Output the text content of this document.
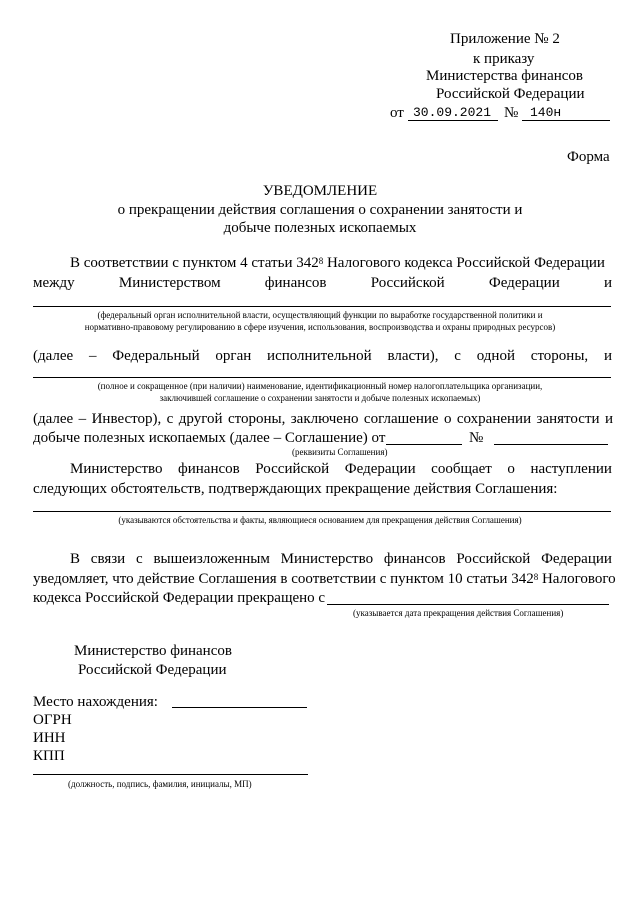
Приложение № 2
к приказу
Министерства финансов
Российской Федерации
от 30.09.2021 № 140н
Форма
УВЕДОМЛЕНИЕ
о прекращении действия соглашения о сохранении занятости и
добыче полезных ископаемых
В соответствии с пунктом 4 статьи $342^8$ Налогового кодекса Российской Федерации
между	Министерством	финансов	Российской	Федерации	и
(федеральный орган исполнительной власти, осуществляющий функции по выработке государственной политики и
нормативно-правовому регулированию в сфере изучения, использования, воспроизводства и охраны природных ресурсов)
(далее – Федеральный орган исполнительной власти), с одной стороны, и
(полное и сокращенное (при наличии) наименование, идентификационный номер налогоплательщика организации,
заключившей соглашение о сохранении занятости и добыче полезных ископаемых)
(далее – Инвестор), с другой стороны, заключено соглашение о сохранении занятости и
добыче полезных ископаемых (далее – Соглашение) от	№
(реквизиты Соглашения)
Министерство финансов Российской Федерации сообщает о наступлении
следующих обстоятельств, подтверждающих прекращение действия Соглашения:
(указываются обстоятельства и факты, являющиеся основанием для прекращения действия Соглашения)
В связи с вышеизложенным Министерство финансов Российской Федерации
уведомляет, что действие Соглашения в соответствии с пунктом 10 статьи $342^8$ Налогового
кодекса Российской Федерации прекращено с
(указывается дата прекращения действия Соглашения)
Министерство финансов
Российской Федерации
Место нахождения:
ОГРН
ИНН
КПП
(должность, подпись, фамилия, инициалы, МП)
